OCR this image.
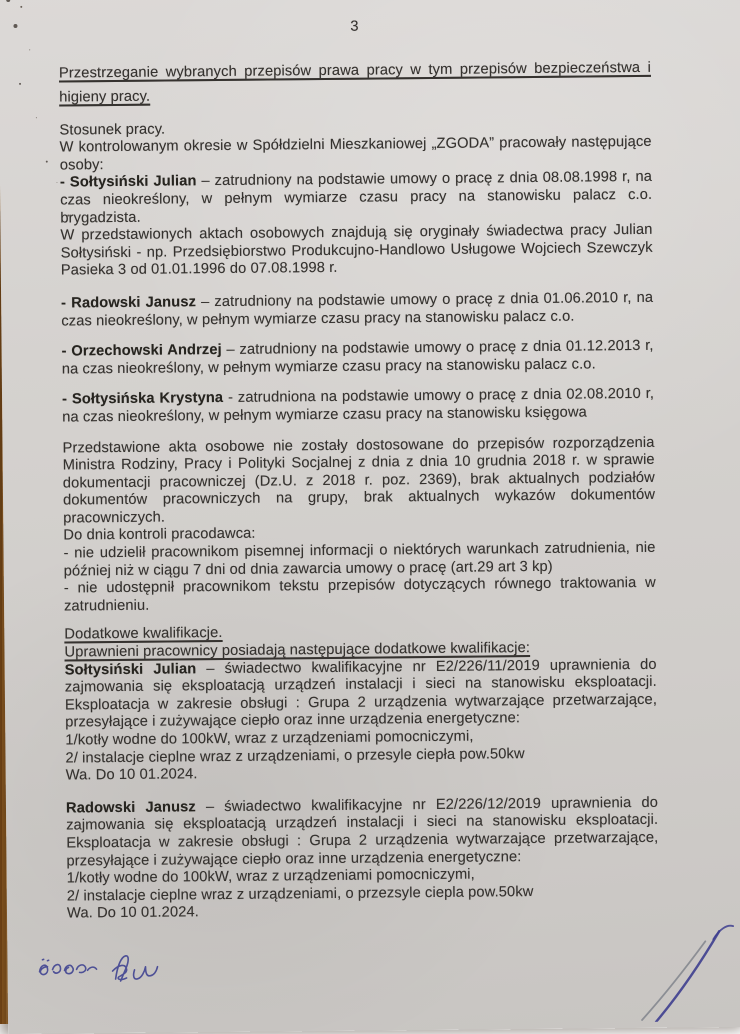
3

Przestrzeganie wybranych przepisów prawa pracy w tym przepisów bezpieczeństwa i higieny pracy.

Stosunek pracy.

W kontrolowanym okresie w Spółdzielni Mieszkaniowej „ZGODA” pracowały następujące osoby:

- Sołtysiński Julian – zatrudniony na podstawie umowy o pracę z dnia 08.08.1998 r, na czas nieokreślony, w pełnym wymiarze czasu pracy na stanowisku palacz c.o. brygadzista.

W przedstawionych aktach osobowych znajdują się oryginały świadectwa pracy Julian Sołtysiński - np. Przedsiębiorstwo Produkcujno-Handlowo Usługowe Wojciech Szewczyk Pasieka 3 od 01.01.1996 do 07.08.1998 r.

- Radowski Janusz – zatrudniony na podstawie umowy o pracę z dnia 01.06.2010 r, na czas nieokreślony, w pełnym wymiarze czasu pracy na stanowisku palacz c.o.

- Orzechowski Andrzej – zatrudniony na podstawie umowy o pracę z dnia 01.12.2013 r, na czas nieokreślony, w pełnym wymiarze czasu pracy na stanowisku palacz c.o.

- Sołtysińska Krystyna - zatrudniona na podstawie umowy o pracę z dnia 02.08.2010 r, na czas nieokreślony, w pełnym wymiarze czasu pracy na stanowisku księgowa

Przedstawione akta osobowe nie zostały dostosowane do przepisów rozporządzenia Ministra Rodziny, Pracy i Polityki Socjalnej z dnia z dnia 10 grudnia 2018 r. w sprawie dokumentacji pracowniczej (Dz.U. z 2018 r. poz. 2369), brak aktualnych podziałów dokumentów pracowniczych na grupy, brak aktualnych wykazów dokumentów pracowniczych.

Do dnia kontroli pracodawca:

- nie udzielił pracownikom pisemnej informacji o niektórych warunkach zatrudnienia, nie później niż w ciągu 7 dni od dnia zawarcia umowy o pracę (art.29 art 3 kp)

- nie udostępnił pracownikom tekstu przepisów dotyczących równego traktowania w zatrudnieniu.

Dodatkowe kwalifikacje.
Uprawnieni pracownicy posiadają następujące dodatkowe kwalifikacje:

Sołtysiński Julian – świadectwo kwalifikacyjne nr E2/226/11/2019 uprawnienia do zajmowania się eksploatacją urządzeń instalacji i sieci na stanowisku eksploatacji. Eksploatacja w zakresie obsługi : Grupa 2 urządzenia wytwarzające przetwarzające, przesyłające i zużywające ciepło oraz inne urządzenia energetyczne:

1/kotły wodne do 100kW, wraz z urządzeniami pomocniczymi,
2/ instalacje cieplne wraz z urządzeniami, o przesyle ciepła pow.50kw
Wa. Do 10 01.2024.

Radowski Janusz – świadectwo kwalifikacyjne nr E2/226/12/2019 uprawnienia do zajmowania się eksploatacją urządzeń instalacji i sieci na stanowisku eksploatacji. Eksploatacja w zakresie obsługi : Grupa 2 urządzenia wytwarzające przetwarzające, przesyłające i zużywające ciepło oraz inne urządzenia energetyczne:

1/kotły wodne do 100kW, wraz z urządzeniami pomocniczymi,
2/ instalacje cieplne wraz z urządzeniami, o przezsyle ciepla pow.50kw
Wa. Do 10 01.2024.
